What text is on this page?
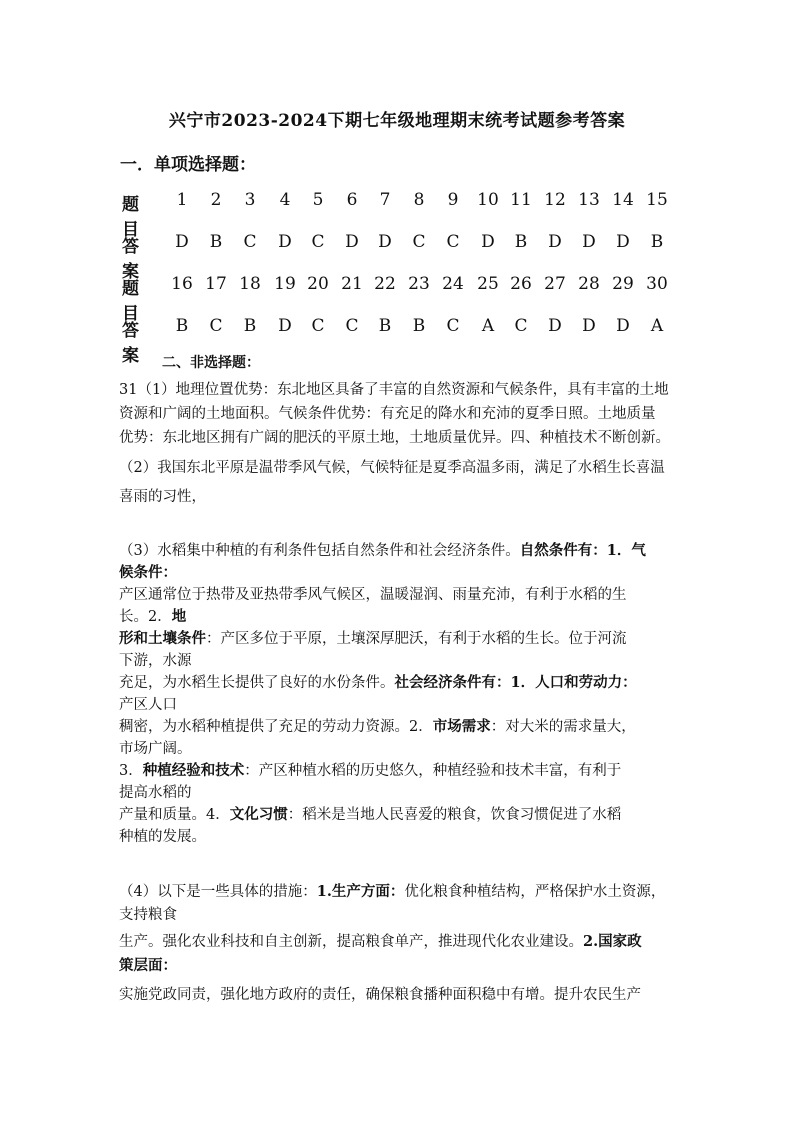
兴宁市2023-2024下期七年级地理期末统考试题参考答案
一．单项选择题：
题目
1	2	3	4	5	6	7	8	9	10 11 12 13 14 15
答案
D	B	C	D	C	D	D	C	C	D	B	D	D	D	B
题目
16 17 18 19 20 21 22 23 24 25 26 27 28 29 30
答案
B	C	B	D	C	C	B	B	C	A	C	D	D	D	A
二、非选择题：
31（1）地理位置优势：东北地区具备了丰富的自然资源和气候条件，具有丰富的土地
资源和广阔的土地面积。气候条件优势：有充足的降水和充沛的夏季日照。土地质量
优势：东北地区拥有广阔的肥沃的平原土地，土地质量优异。四、种植技术不断创新。
（2）我国东北平原是温带季风气候，气候特征是夏季高温多雨，满足了水稻生长喜温
喜雨的习性，
（3）水稻集中种植的有利条件包括自然条件和社会经济条件。自然条件有：1．气
候条件：
产区通常位于热带及亚热带季风气候区，温暖湿润、雨量充沛，有利于水稻的生
长。2．地
形和土壤条件：产区多位于平原，土壤深厚肥沃，有利于水稻的生长。位于河流
下游，水源
充足，为水稻生长提供了良好的水份条件。社会经济条件有：1．人口和劳动力：
产区人口
稠密，为水稻种植提供了充足的劳动力资源。2．市场需求：对大米的需求量大，
市场广阔。
3．种植经验和技术：产区种植水稻的历史悠久，种植经验和技术丰富，有利于
提高水稻的
产量和质量。4．文化习惯：稻米是当地人民喜爱的粮食，饮食习惯促进了水稻
种植的发展。
（4）以下是一些具体的措施：1.生产方面：优化粮食种植结构，严格保护水土资源，
支持粮食
生产。强化农业科技和自主创新，提高粮食单产，推进现代化农业建设。2.国家政
策层面：
实施党政同责，强化地方政府的责任，确保粮食播种面积稳中有增。提升农民生产
